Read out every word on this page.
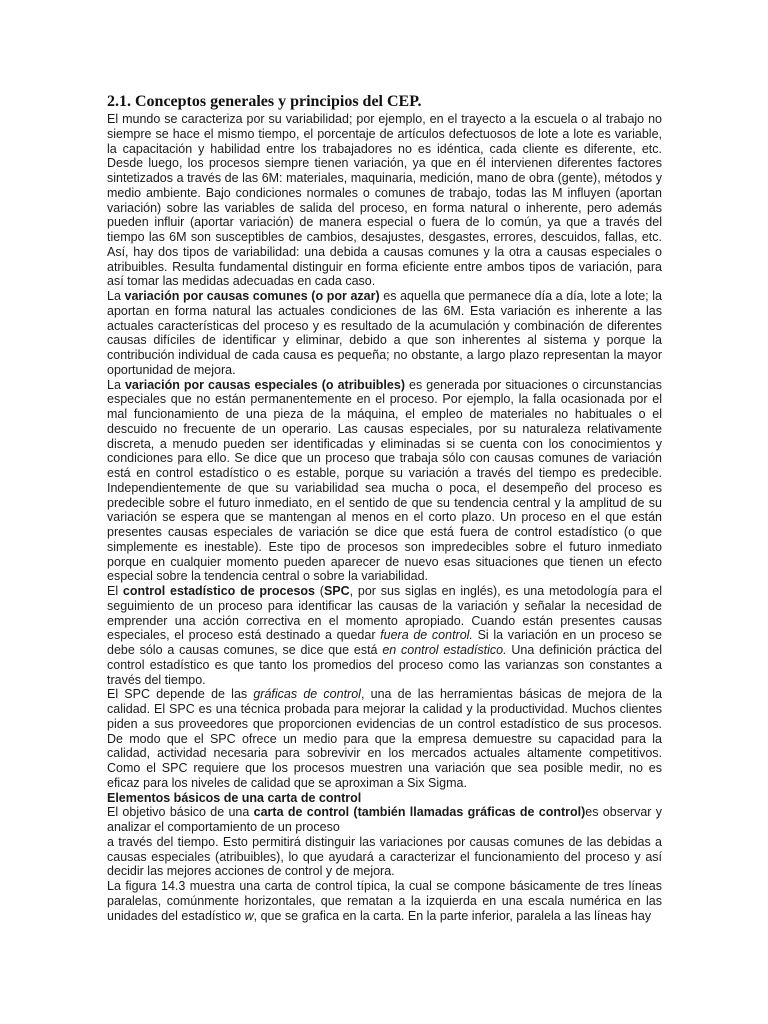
2.1. Conceptos generales y principios del CEP.

El mundo se caracteriza por su variabilidad; por ejemplo, en el trayecto a la escuela o al trabajo no siempre se hace el mismo tiempo, el porcentaje de artículos defectuosos de lote a lote es variable, la capacitación y habilidad entre los trabajadores no es idéntica, cada cliente es diferente, etc. Desde luego, los procesos siempre tienen variación, ya que en él intervienen diferentes factores sintetizados a través de las 6M: materiales, maquinaria, medición, mano de obra (gente), métodos y medio ambiente. Bajo condiciones normales o comunes de trabajo, todas las M influyen (aportan variación) sobre las variables de salida del proceso, en forma natural o inherente, pero además pueden influir (aportar variación) de manera especial o fuera de lo común, ya que a través del tiempo las 6M son susceptibles de cambios, desajustes, desgastes, errores, descuidos, fallas, etc. Así, hay dos tipos de variabilidad: una debida a causas comunes y la otra a causas especiales o atribuibles. Resulta fundamental distinguir en forma eficiente entre ambos tipos de variación, para así tomar las medidas adecuadas en cada caso.

La variación por causas comunes (o por azar) es aquella que permanece día a día, lote a lote; la aportan en forma natural las actuales condiciones de las 6M. Esta variación es inherente a las actuales características del proceso y es resultado de la acumulación y combinación de diferentes causas difíciles de identificar y eliminar, debido a que son inherentes al sistema y porque la contribución individual de cada causa es pequeña; no obstante, a largo plazo representan la mayor oportunidad de mejora.

La variación por causas especiales (o atribuibles) es generada por situaciones o circunstancias especiales que no están permanentemente en el proceso. Por ejemplo, la falla ocasionada por el mal funcionamiento de una pieza de la máquina, el empleo de materiales no habituales o el descuido no frecuente de un operario. Las causas especiales, por su naturaleza relativamente discreta, a menudo pueden ser identificadas y eliminadas si se cuenta con los conocimientos y condiciones para ello. Se dice que un proceso que trabaja sólo con causas comunes de variación está en control estadístico o es estable, porque su variación a través del tiempo es predecible. Independientemente de que su variabilidad sea mucha o poca, el desempeño del proceso es predecible sobre el futuro inmediato, en el sentido de que su tendencia central y la amplitud de su variación se espera que se mantengan al menos en el corto plazo. Un proceso en el que están presentes causas especiales de variación se dice que está fuera de control estadístico (o que simplemente es inestable). Este tipo de procesos son impredecibles sobre el futuro inmediato porque en cualquier momento pueden aparecer de nuevo esas situaciones que tienen un efecto especial sobre la tendencia central o sobre la variabilidad.

El control estadístico de procesos (SPC, por sus siglas en inglés), es una metodología para el seguimiento de un proceso para identificar las causas de la variación y señalar la necesidad de emprender una acción correctiva en el momento apropiado. Cuando están presentes causas especiales, el proceso está destinado a quedar fuera de control. Si la variación en un proceso se debe sólo a causas comunes, se dice que está en control estadístico. Una definición práctica del control estadístico es que tanto los promedios del proceso como las varianzas son constantes a través del tiempo.

El SPC depende de las gráficas de control, una de las herramientas básicas de mejora de la calidad. El SPC es una técnica probada para mejorar la calidad y la productividad. Muchos clientes piden a sus proveedores que proporcionen evidencias de un control estadístico de sus procesos. De modo que el SPC ofrece un medio para que la empresa demuestre su capacidad para la calidad, actividad necesaria para sobrevivir en los mercados actuales altamente competitivos. Como el SPC requiere que los procesos muestren una variación que sea posible medir, no es eficaz para los niveles de calidad que se aproximan a Six Sigma.

Elementos básicos de una carta de control

El objetivo básico de una carta de control (también llamadas gráficas de control)es observar y analizar el comportamiento de un proceso

a través del tiempo. Esto permitirá distinguir las variaciones por causas comunes de las debidas a causas especiales (atribuibles), lo que ayudará a caracterizar el funcionamiento del proceso y así decidir las mejores acciones de control y de mejora.

La figura 14.3 muestra una carta de control típica, la cual se compone básicamente de tres líneas paralelas, comúnmente horizontales, que rematan a la izquierda en una escala numérica en las unidades del estadístico w, que se grafica en la carta. En la parte inferior, paralela a las líneas hay
